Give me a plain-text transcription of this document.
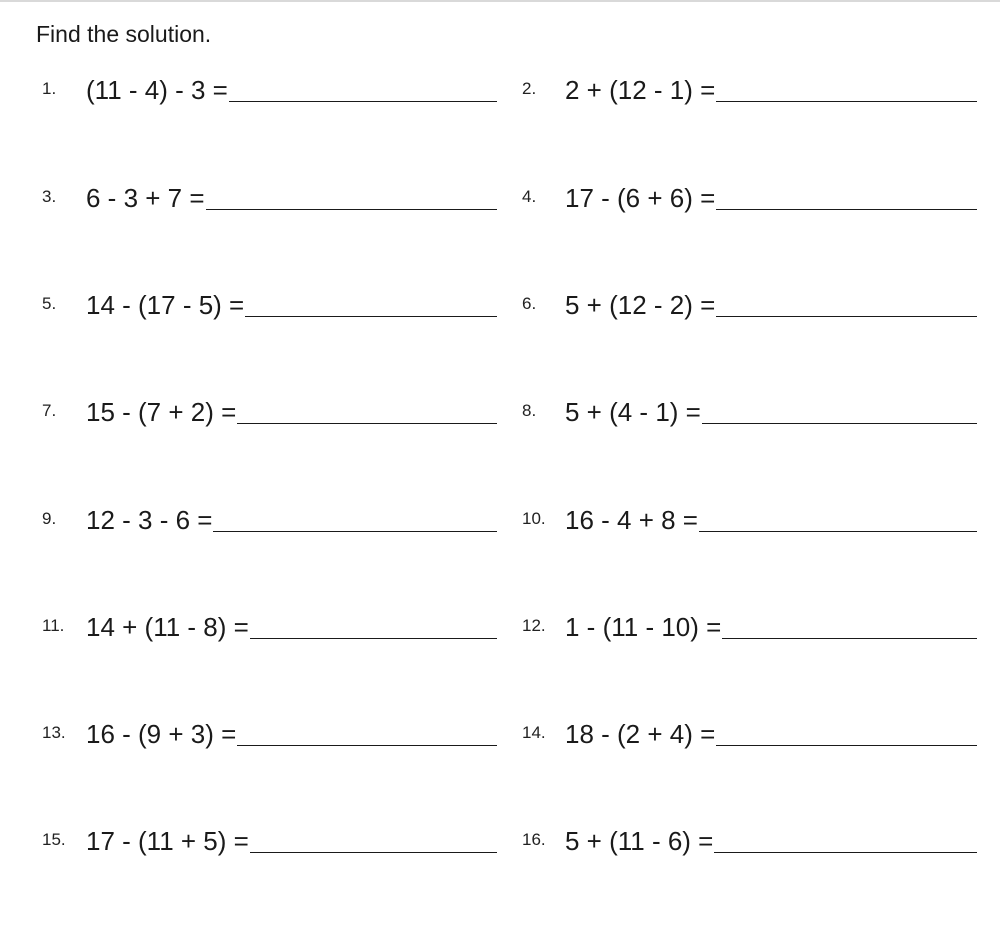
Find the solution.
1. (11 - 4) - 3 =	2. 2 + (12 - 1) =
3. 6 - 3 + 7 =	4. 17 - (6 + 6) =
5. 14 - (17 - 5) =	6. 5 + (12 - 2) =
7. 15 - (7 + 2) =	8. 5 + (4 - 1) =
9. 12 - 3 - 6 =	10. 16 - 4 + 8 =
11. 14 + (11 - 8) =	12. 1 - (11 - 10) =
13. 16 - (9 + 3) =	14. 18 - (2 + 4) =
15. 17 - (11 + 5) =	16. 5 + (11 - 6) =
